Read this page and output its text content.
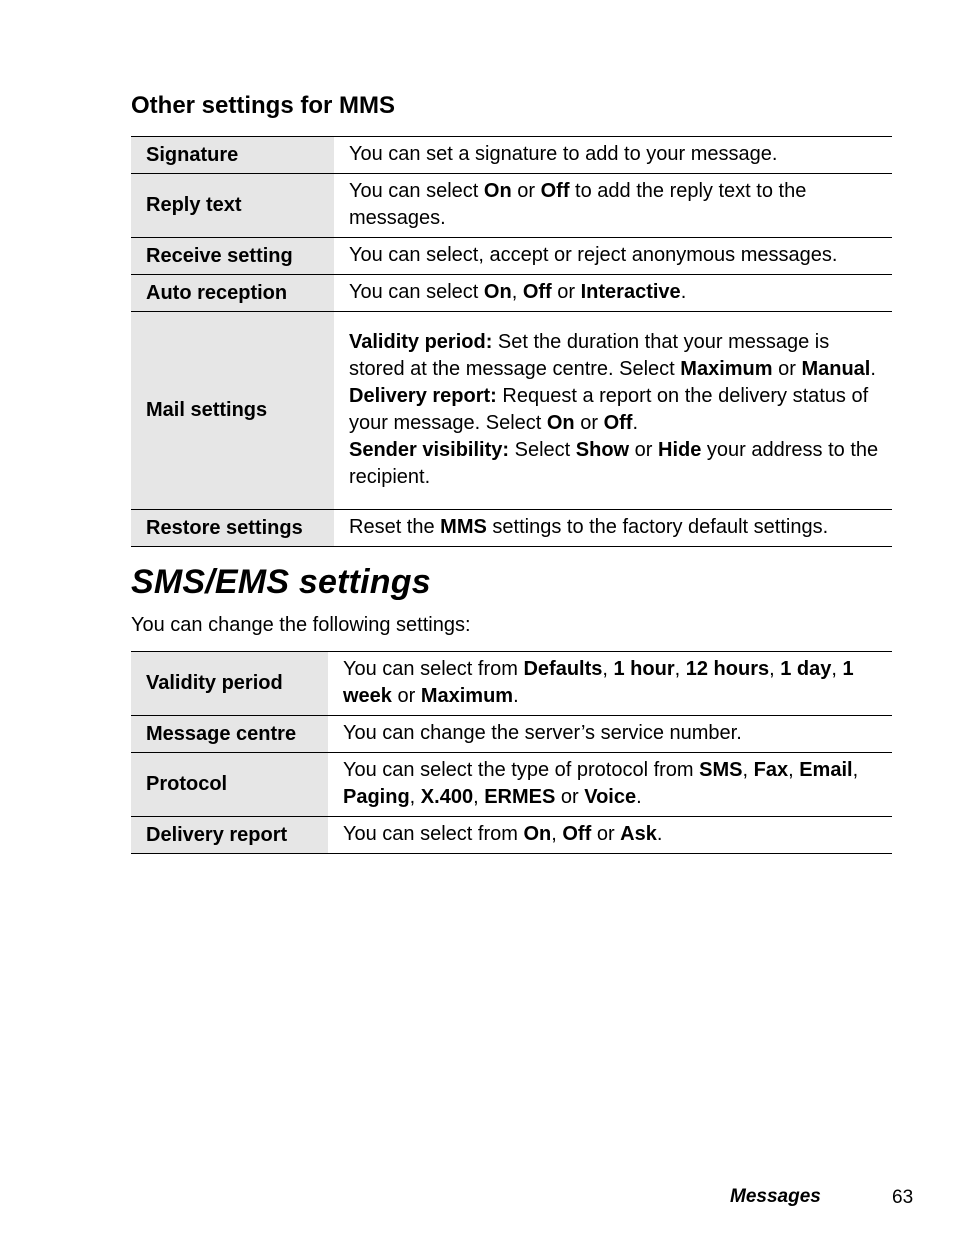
Other settings for MMS
Signature	You can set a signature to add to your message.
Reply text	You can select On or Off to add the reply text to the messages.
Receive setting	You can select, accept or reject anonymous messages.
Auto reception	You can select On, Off or Interactive.
Mail settings	Validity period: Set the duration that your message is stored at the message centre. Select Maximum or Manual.
Delivery report: Request a report on the delivery status of your message. Select On or Off.
Sender visibility: Select Show or Hide your address to the recipient.
Restore settings	Reset the MMS settings to the factory default settings.
SMS/EMS settings

You can change the following settings:

Validity period	You can select from Defaults, 1 hour, 12 hours, 1 day, 1 week or Maximum.
Message centre	You can change the server’s service number.
Protocol	You can select the type of protocol from SMS, Fax, Email, Paging, X.400, ERMES or Voice.
Delivery report	You can select from On, Off or Ask.
Messages	63
